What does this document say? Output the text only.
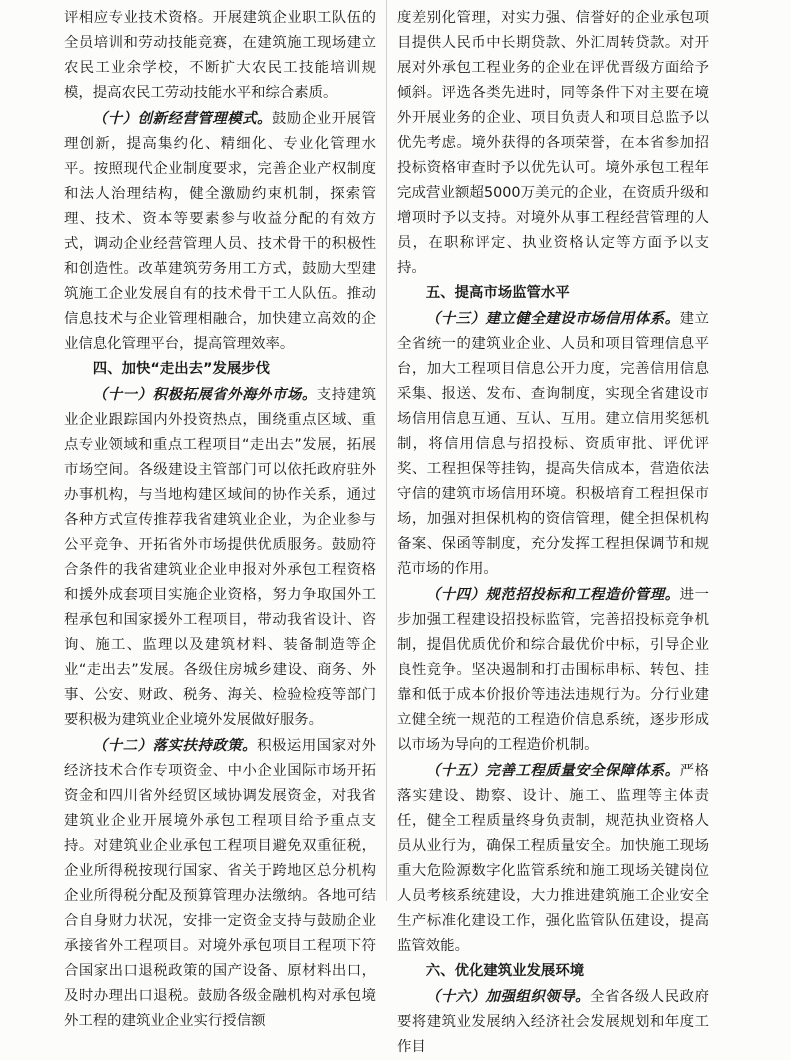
评相应专业技术资格。开展建筑企业职工队伍的全员培训和劳动技能竞赛，在建筑施工现场建立农民工业余学校，不断扩大农民工技能培训规模，提高农民工劳动技能水平和综合素质。

（十）创新经营管理模式。鼓励企业开展管理创新，提高集约化、精细化、专业化管理水平。按照现代企业制度要求，完善企业产权制度和法人治理结构，健全激励约束机制，探索管理、技术、资本等要素参与收益分配的有效方式，调动企业经营管理人员、技术骨干的积极性和创造性。改革建筑劳务用工方式，鼓励大型建筑施工企业发展自有的技术骨干工人队伍。推动信息技术与企业管理相融合，加快建立高效的企业信息化管理平台，提高管理效率。

四、加快“走出去”发展步伐

（十一）积极拓展省外海外市场。支持建筑业企业跟踪国内外投资热点，围绕重点区域、重点专业领域和重点工程项目“走出去”发展，拓展市场空间。各级建设主管部门可以依托政府驻外办事机构，与当地构建区域间的协作关系，通过各种方式宣传推荐我省建筑业企业，为企业参与公平竞争、开拓省外市场提供优质服务。鼓励符合条件的我省建筑业企业申报对外承包工程资格和援外成套项目实施企业资格，努力争取国外工程承包和国家援外工程项目，带动我省设计、咨询、施工、监理以及建筑材料、装备制造等企业“走出去”发展。各级住房城乡建设、商务、外事、公安、财政、税务、海关、检验检疫等部门要积极为建筑业企业境外发展做好服务。

（十二）落实扶持政策。积极运用国家对外经济技术合作专项资金、中小企业国际市场开拓资金和四川省外经贸区域协调发展资金，对我省建筑业企业开展境外承包工程项目给予重点支持。对建筑业企业承包工程项目避免双重征税，企业所得税按现行国家、省关于跨地区总分机构企业所得税分配及预算管理办法缴纳。各地可结合自身财力状况，安排一定资金支持与鼓励企业承接省外工程项目。对境外承包项目工程项下符合国家出口退税政策的国产设备、原材料出口，及时办理出口退税。鼓励各级金融机构对承包境外工程的建筑业企业实行授信额

度差别化管理，对实力强、信誉好的企业承包项目提供人民币中长期贷款、外汇周转贷款。对开展对外承包工程业务的企业在评优晋级方面给予倾斜。评选各类先进时，同等条件下对主要在境外开展业务的企业、项目负责人和项目总监予以优先考虑。境外获得的各项荣誉，在本省参加招投标资格审查时予以优先认可。境外承包工程年完成营业额超5000万美元的企业，在资质升级和增项时予以支持。对境外从事工程经营管理的人员，在职称评定、执业资格认定等方面予以支持。

五、提高市场监管水平

（十三）建立健全建设市场信用体系。建立全省统一的建筑业企业、人员和项目管理信息平台，加大工程项目信息公开力度，完善信用信息采集、报送、发布、查询制度，实现全省建设市场信用信息互通、互认、互用。建立信用奖惩机制，将信用信息与招投标、资质审批、评优评奖、工程担保等挂钩，提高失信成本，营造依法守信的建筑市场信用环境。积极培育工程担保市场，加强对担保机构的资信管理，健全担保机构备案、保函等制度，充分发挥工程担保调节和规范市场的作用。

（十四）规范招投标和工程造价管理。进一步加强工程建设招投标监管，完善招投标竞争机制，提倡优质优价和综合最优价中标，引导企业良性竞争。坚决遏制和打击围标串标、转包、挂靠和低于成本价报价等违法违规行为。分行业建立健全统一规范的工程造价信息系统，逐步形成以市场为导向的工程造价机制。

（十五）完善工程质量安全保障体系。严格落实建设、勘察、设计、施工、监理等主体责任，健全工程质量终身负责制，规范执业资格人员从业行为，确保工程质量安全。加快施工现场重大危险源数字化监管系统和施工现场关键岗位人员考核系统建设，大力推进建筑施工企业安全生产标准化建设工作，强化监管队伍建设，提高监管效能。

六、优化建筑业发展环境

（十六）加强组织领导。全省各级人民政府要将建筑业发展纳入经济社会发展规划和年度工作目
